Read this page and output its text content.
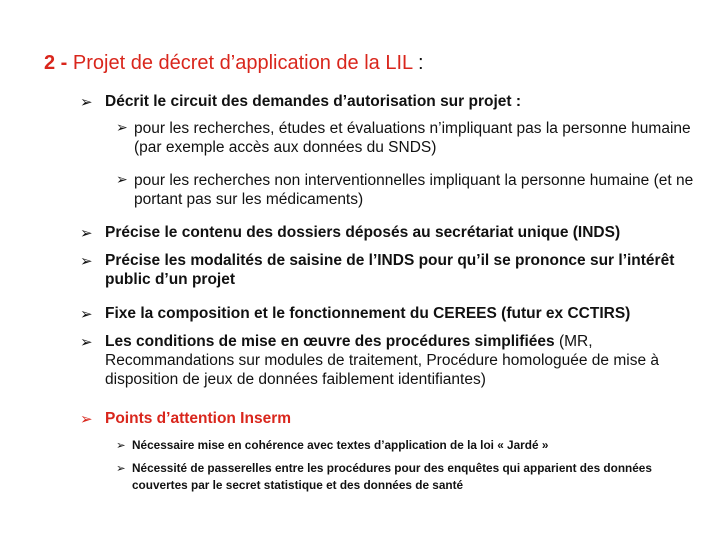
2 - Projet de décret d’application de la LIL :
➢ Décrit le circuit des demandes d’autorisation sur projet :
➢ pour les recherches, études et évaluations n’impliquant pas la personne humaine (par exemple accès aux données du SNDS)
➢ pour les recherches non interventionnelles impliquant la personne humaine (et ne portant pas sur les médicaments)
➢ Précise le contenu des dossiers déposés au secrétariat unique (INDS)
➢ Précise les modalités de saisine de l’INDS pour qu’il se prononce sur l’intérêt public d’un projet
➢ Fixe la composition et le fonctionnement du CEREES (futur ex CCTIRS)
➢ Les conditions de mise en œuvre des procédures simplifiées (MR, Recommandations sur modules de traitement, Procédure homologuée de mise à disposition de jeux de données faiblement identifiantes)
➢ Points d’attention Inserm
➢ Nécessaire mise en cohérence avec textes d’application de la loi « Jardé »
➢ Nécessité de passerelles entre les procédures pour des enquêtes qui apparient des données couvertes par le secret statistique et des données de santé
